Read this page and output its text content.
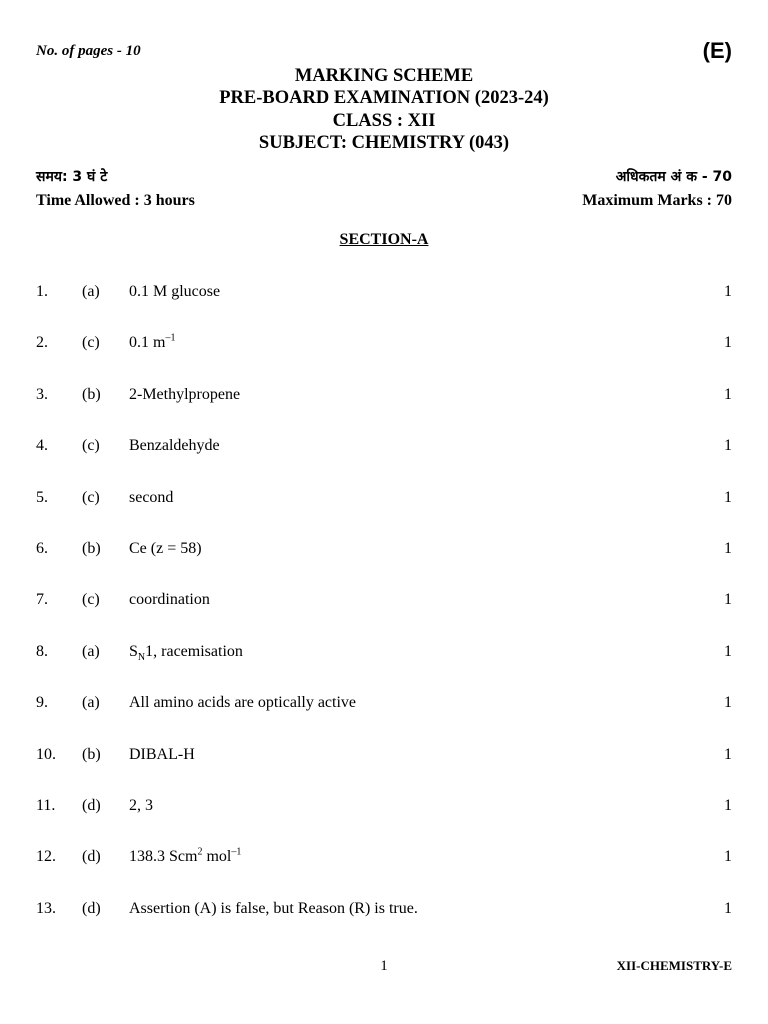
No. of pages - 10	(E)
MARKING SCHEME
PRE-BOARD EXAMINATION (2023-24)
CLASS : XII
SUBJECT: CHEMISTRY (043)
समय: 3 घं टे	अधिकतम अं क - 70
Time Allowed : 3 hours	Maximum Marks : 70
SECTION-A
1. (a) 0.1 M glucose	1
2. (c) 0.1 $m^{-1}$	1
3. (b) 2-Methylpropene	1
4. (c) Benzaldehyde	1
5. (c) second	1
6. (b) Ce (z = 58)	1
7. (c) coordination	1
8. (a) $S_N1$, racemisation	1
9. (a) All amino acids are optically active	1
10. (b) DIBAL-H	1
11. (d) 2, 3	1
12. (d) 138.3 Scm$^2$ mol$^{-1}$	1
13. (d) Assertion (A) is false, but Reason (R) is true.	1
1	XII-CHEMISTRY-E
